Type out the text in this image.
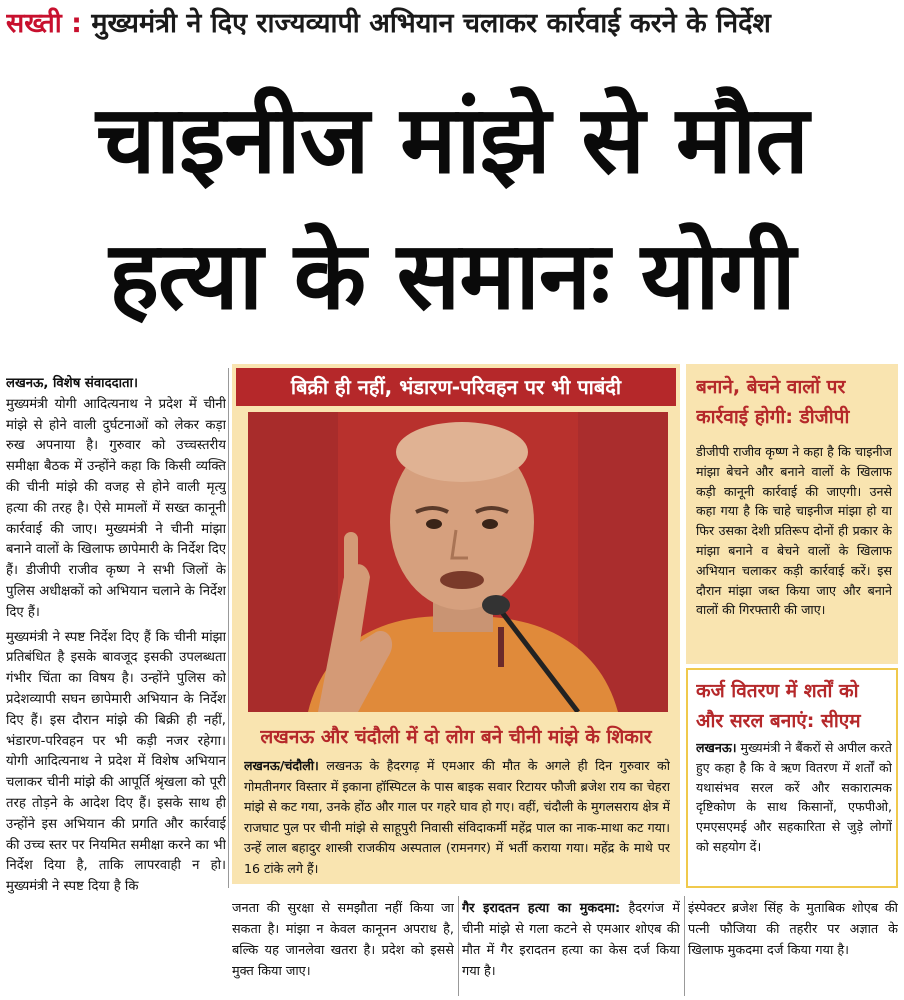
सख्ती : मुख्यमंत्री ने दिए राज्यव्यापी अभियान चलाकर कार्रवाई करने के निर्देश
चाइनीज मांझे से मौत
हत्या के समानः योगी

लखनऊ, विशेष संवाददाता।
मुख्यमंत्री योगी आदित्यनाथ ने प्रदेश में चीनी मांझे से होने वाली दुर्घटनाओं को लेकर कड़ा रुख अपनाया है। गुरुवार को उच्चस्तरीय समीक्षा बैठक में उन्होंने कहा कि किसी व्यक्ति की चीनी मांझे की वजह से होने वाली मृत्यु हत्या की तरह है। ऐसे मामलों में सख्त कानूनी कार्रवाई की जाए। मुख्यमंत्री ने चीनी मांझा बनाने वालों के खिलाफ छापेमारी के निर्देश दिए हैं। डीजीपी राजीव कृष्ण ने सभी जिलों के पुलिस अधीक्षकों को अभियान चलाने के निर्देश दिए हैं।

मुख्यमंत्री ने स्पष्ट निर्देश दिए हैं कि चीनी मांझा प्रतिबंधित है इसके बावजूद इसकी उपलब्धता गंभीर चिंता का विषय है। उन्होंने पुलिस को प्रदेशव्यापी सघन छापेमारी अभियान के निर्देश दिए हैं। इस दौरान मांझे की बिक्री ही नहीं, भंडारण-परिवहन पर भी कड़ी नजर रहेगा। योगी आदित्यनाथ ने प्रदेश में विशेष अभियान चलाकर चीनी मांझे की आपूर्ति श्रृंखला को पूरी तरह तोड़ने के आदेश दिए हैं। इसके साथ ही उन्होंने इस अभियान की प्रगति और कार्रवाई की उच्च स्तर पर नियमित समीक्षा करने का भी निर्देश दिया है, ताकि लापरवाही न हो। मुख्यमंत्री ने स्पष्ट दिया है कि

बिक्री ही नहीं, भंडारण-परिवहन पर भी पाबंदी
लखनऊ और चंदौली में दो लोग बने चीनी मांझे के शिकार
लखनऊ/चंदौली। लखनऊ के हैदरगढ़ में एमआर की मौत के अगले ही दिन गुरुवार को गोमतीनगर विस्तार में इकाना हॉस्पिटल के पास बाइक सवार रिटायर फौजी ब्रजेश राय का चेहरा मांझे से कट गया, उनके होंठ और गाल पर गहरे घाव हो गए। वहीं, चंदौली के मुगलसराय क्षेत्र में राजघाट पुल पर चीनी मांझे से साहूपुरी निवासी संविदाकर्मी महेंद्र पाल का नाक-माथा कट गया। उन्हें लाल बहादुर शास्त्री राजकीय अस्पताल (रामनगर) में भर्ती कराया गया। महेंद्र के माथे पर 16 टांके लगे हैं।
बनाने, बेचने वालों पर कार्रवाई होगी: डीजीपी
डीजीपी राजीव कृष्ण ने कहा है कि चाइनीज मांझा बेचने और बनाने वालों के खिलाफ कड़ी कानूनी कार्रवाई की जाएगी। उनसे कहा गया है कि चाहे चाइनीज मांझा हो या फिर उसका देशी प्रतिरूप दोनों ही प्रकार के मांझा बनाने व बेचने वालों के खिलाफ अभियान चलाकर कड़ी कार्रवाई करें। इस दौरान मांझा जब्त किया जाए और बनाने वालों की गिरफ्तारी की जाए।
कर्ज वितरण में शर्तों को और सरल बनाएं: सीएम
लखनऊ। मुख्यमंत्री ने बैंकरों से अपील करते हुए कहा है कि वे ऋण वितरण में शर्तों को यथासंभव सरल करें और सकारात्मक दृष्टिकोण के साथ किसानों, एफपीओ, एमएसएमई और सहकारिता से जुड़े लोगों को सहयोग दें।
जनता की सुरक्षा से समझौता नहीं किया जा सकता है। मांझा न केवल कानूनन अपराध है, बल्कि यह जानलेवा खतरा है। प्रदेश को इससे मुक्त किया जाए।
गैर इरादतन हत्या का मुकदमा: हैदरगंज में चीनी मांझे से गला कटने से एमआर शोएब की मौत में गैर इरादतन हत्या का केस दर्ज किया गया है।
इंस्पेक्टर ब्रजेश सिंह के मुताबिक शोएब की पत्नी फौजिया की तहरीर पर अज्ञात के खिलाफ मुकदमा दर्ज किया गया है।
